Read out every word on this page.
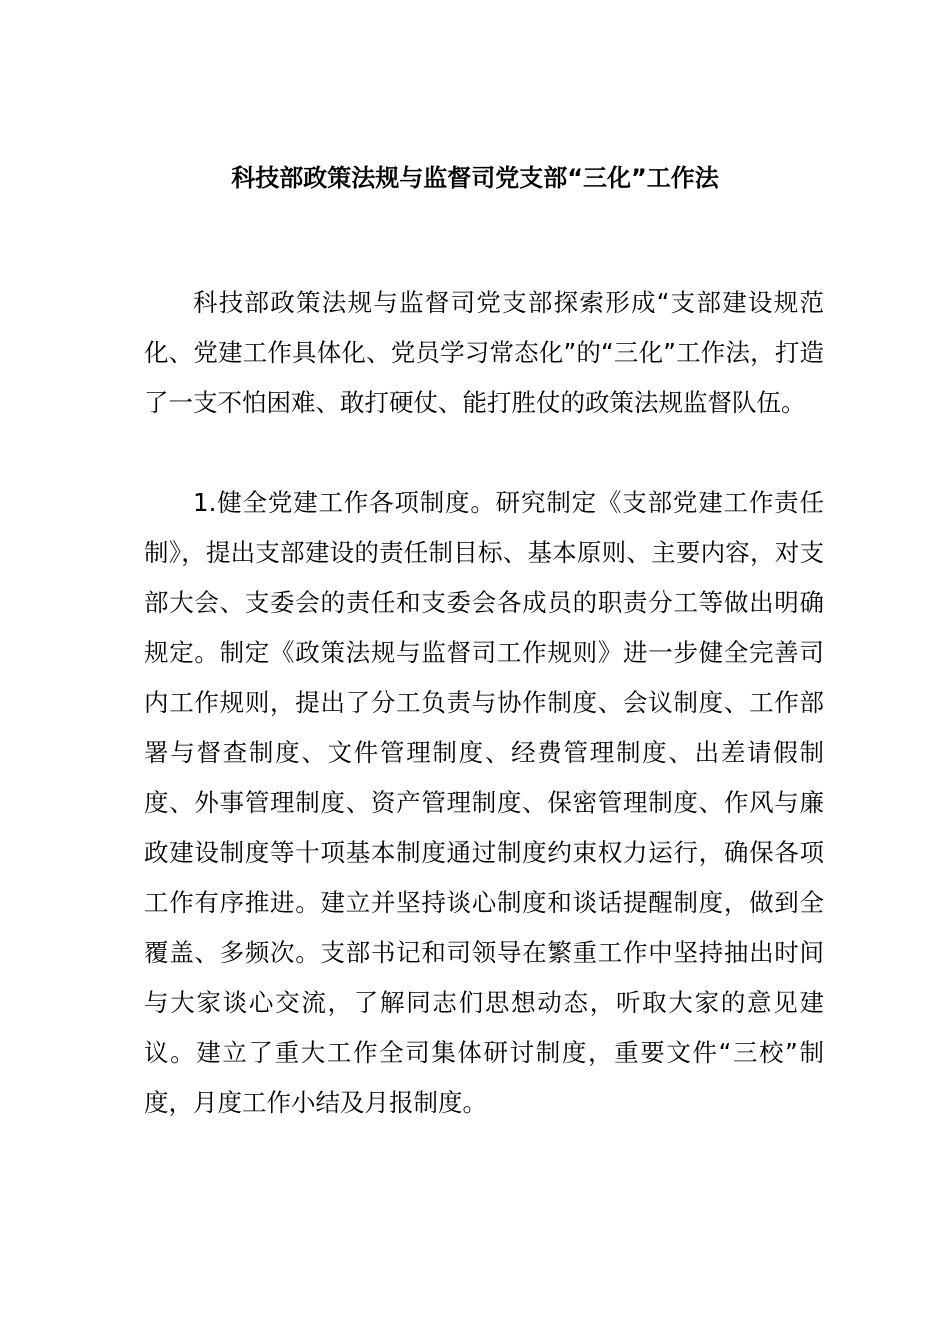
科技部政策法规与监督司党支部“三化”工作法

科技部政策法规与监督司党支部探索形成“支部建设规范化、党建工作具体化、党员学习常态化”的“三化”工作法，打造了一支不怕困难、敢打硬仗、能打胜仗的政策法规监督队伍。

1.健全党建工作各项制度。研究制定《支部党建工作责任制》，提出支部建设的责任制目标、基本原则、主要内容，对支部大会、支委会的责任和支委会各成员的职责分工等做出明确规定。制定《政策法规与监督司工作规则》进一步健全完善司内工作规则，提出了分工负责与协作制度、会议制度、工作部署与督查制度、文件管理制度、经费管理制度、出差请假制度、外事管理制度、资产管理制度、保密管理制度、作风与廉政建设制度等十项基本制度通过制度约束权力运行，确保各项工作有序推进。建立并坚持谈心制度和谈话提醒制度，做到全覆盖、多频次。支部书记和司领导在繁重工作中坚持抽出时间与大家谈心交流，了解同志们思想动态，听取大家的意见建议。建立了重大工作全司集体研讨制度，重要文件“三校”制度，月度工作小结及月报制度。
